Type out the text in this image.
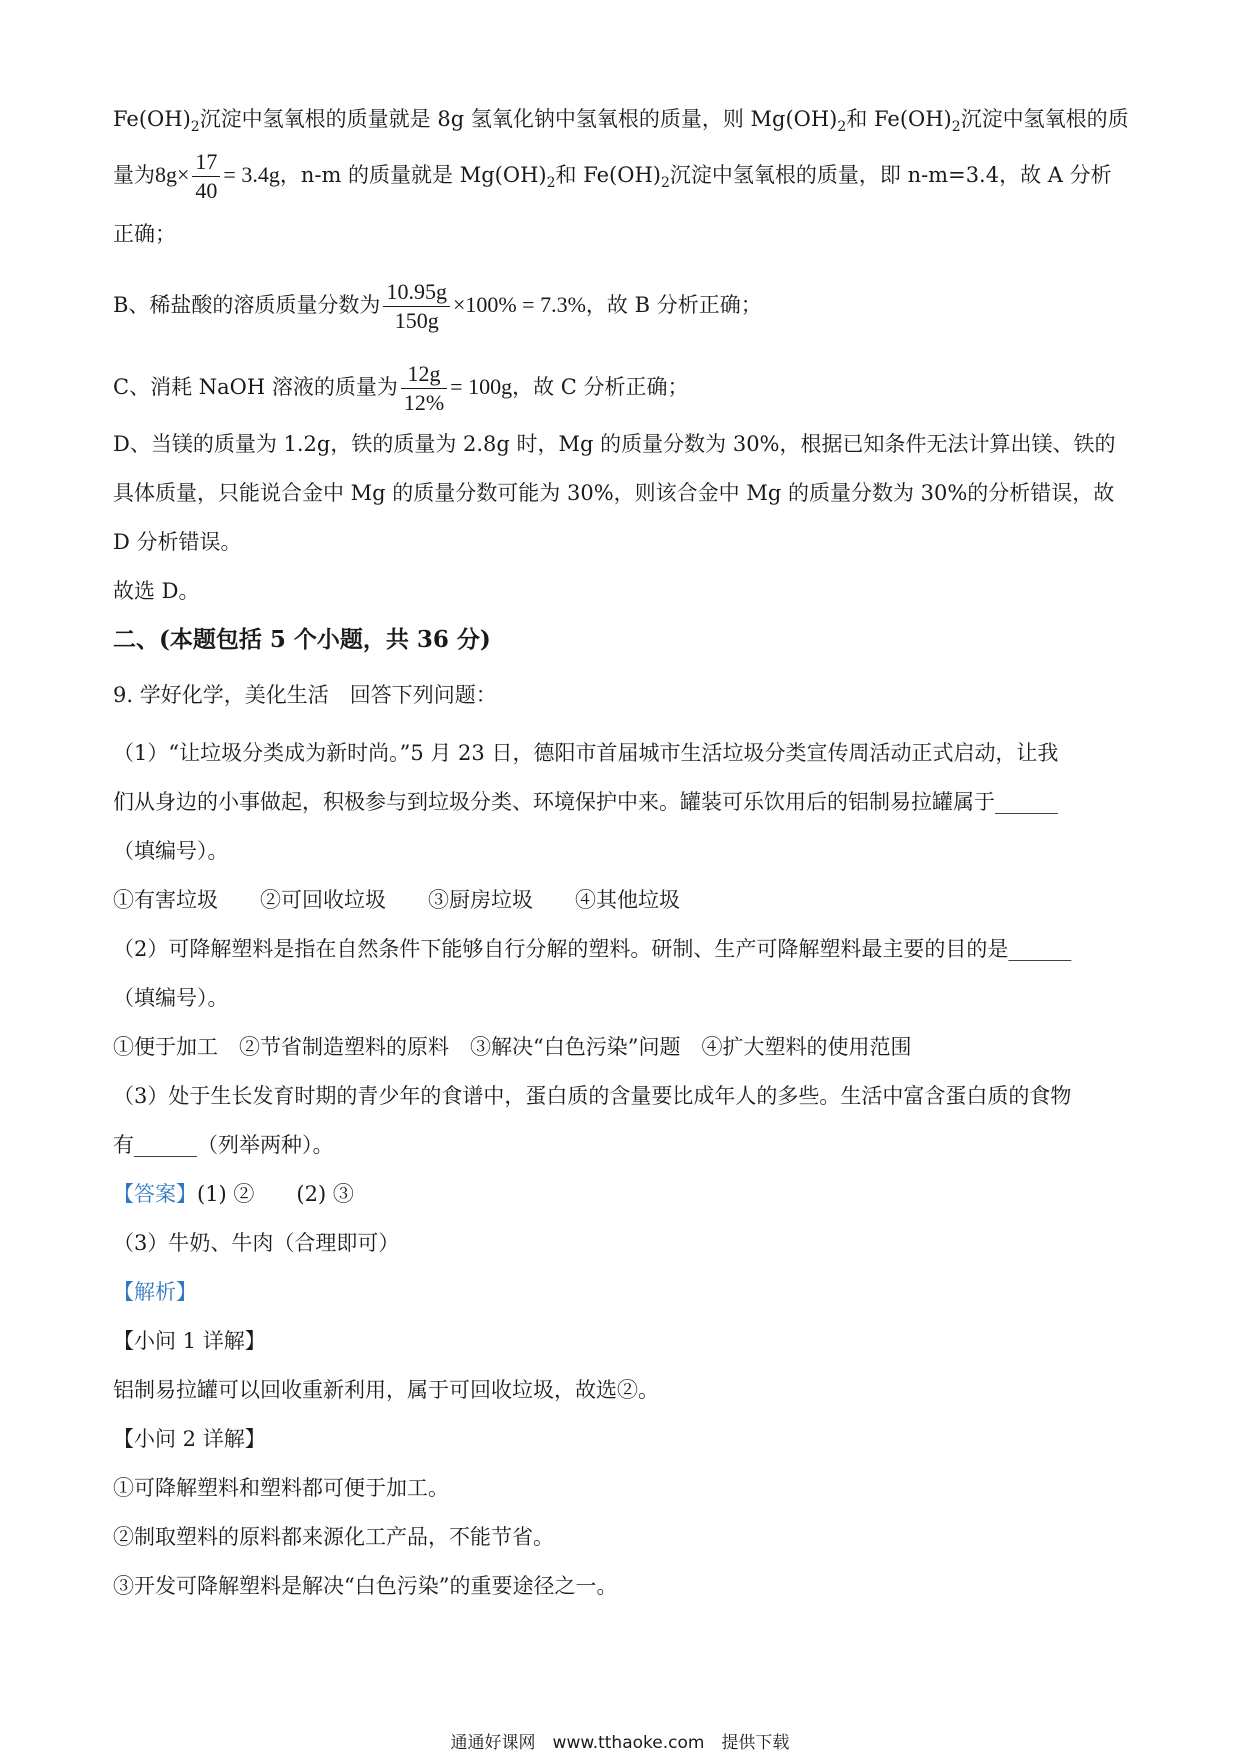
$Fe(OH)_2$沉淀中氢氧根的质量就是 8g 氢氧化钠中氢氧根的质量，则 $Mg(OH)_2$和 $Fe(OH)_2$沉淀中氢氧根的质
量为$8g\times \frac{17}{40} = 3.4g$，n-m 的质量就是 $Mg(OH)_2$和 $Fe(OH)_2$沉淀中氢氧根的质量，即 n-m=3.4，故 A 分析
正确；
B、稀盐酸的溶质质量分数为 $\frac{10.95g}{150g} \times 100\% = 7.3\%$，故 B 分析正确；
C、消耗 NaOH 溶液的质量为 $\frac{12g}{12\%} = 100g$，故 C 分析正确；
D、当镁的质量为 1.2g，铁的质量为 2.8g 时，Mg 的质量分数为 30%，根据已知条件无法计算出镁、铁的
具体质量，只能说合金中 Mg 的质量分数可能为 30%，则该合金中 Mg 的质量分数为 30%的分析错误，故
D 分析错误。
故选 D。
二、(本题包括 5 个小题，共 36 分)
9. 学好化学，美化生活　回答下列问题：
（1）“让垃圾分类成为新时尚。”5 月 23 日，德阳市首届城市生活垃圾分类宣传周活动正式启动，让我
们从身边的小事做起，积极参与到垃圾分类、环境保护中来。罐装可乐饮用后的铝制易拉罐属于______
（填编号）。
①有害垃圾　　②可回收垃圾　　③厨房垃圾　　④其他垃圾
（2）可降解塑料是指在自然条件下能够自行分解的塑料。研制、生产可降解塑料最主要的目的是______
（填编号）。
①便于加工　②节省制造塑料的原料　③解决“白色污染”问题　④扩大塑料的使用范围
（3）处于生长发育时期的青少年的食谱中，蛋白质的含量要比成年人的多些。生活中富含蛋白质的食物
有______（列举两种）。
【答案】(1) ②　　(2) ③
（3）牛奶、牛肉（合理即可）
【解析】
【小问 1 详解】
铝制易拉罐可以回收重新利用，属于可回收垃圾，故选②。
【小问 2 详解】
①可降解塑料和塑料都可便于加工。
②制取塑料的原料都来源化工产品，不能节省。
③开发可降解塑料是解决“白色污染”的重要途径之一。
通通好课网　www.tthaoke.com　提供下载
